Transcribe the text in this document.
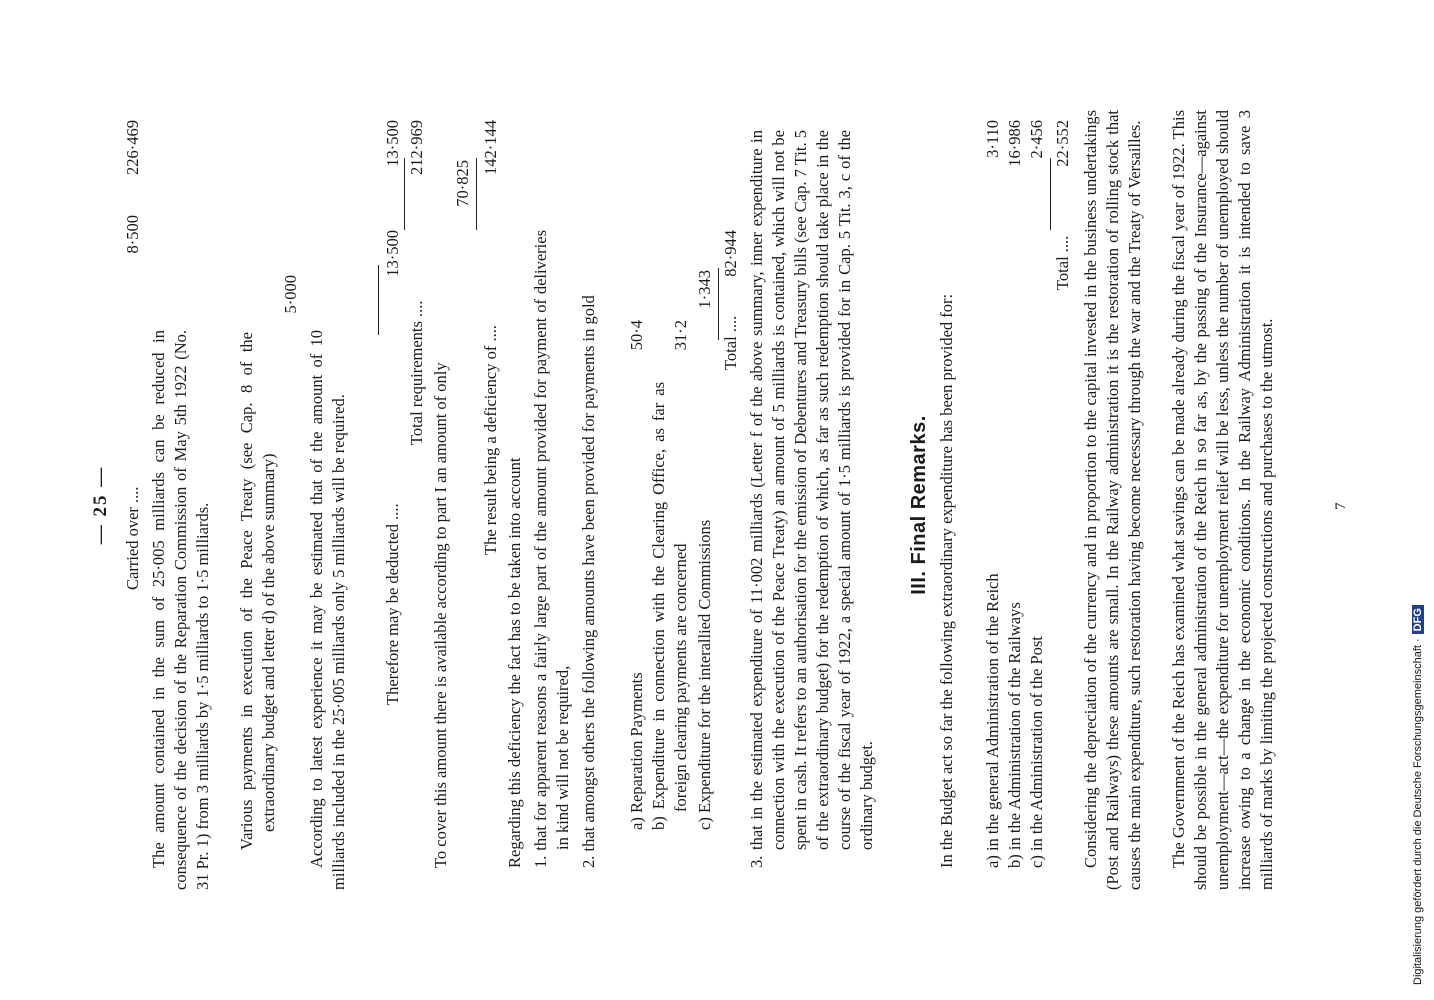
— 25 — Carried over ....
8·500
226·469
The amount contained in the sum of 25·005 milliards can be reduced in consequence of the decision of the Reparation Commission of May 5th 1922 (No. 31 Pr. 1) from 3 milliards by 1·5 milliards to 1·5 milliards. Various payments in execution of the Peace Treaty (see Cap. 8 of the extraordinary budget and letter d) of the above summary)
5·000
According to latest experience it may be estimated that of the amount of 10 milliards included in the 25·005 milliards only 5 milliards will be required. Therefore may be deducted ....
13·500
13·500
Total requirements ....
212·969
To cover this amount there is available according to part I an amount of only
70·825
The result being a deficiency of ....
142·144
Regarding this deficiency the fact has to be taken into account 1. that for apparent reasons a fairly large part of the amount provided for payment of deliveries in kind will not be required, 2. that amongst others the following amounts have been provided for payments in gold a) Reparation Payments
50·4
b) Expenditure in connection with the Clearing Office, as far as foreign clearing payments are concerned
31·2
c) Expenditure for the interallied Commissions
1·343
Total ....
82·944 3. that in the estimated expenditure of 11·002 milliards (Letter f of the above summary, inner expenditure in connection with the execution of the Peace Treaty) an amount of 5 milliards is contained, which will not be spent in cash. It refers to an authorisation for the emission of Debentures and Treasury bills (see Cap. 7 Tit. 5 of the extraordinary budget) for the redemption of which, as far as such redemption should take place in the course of the fiscal year of 1922, a special amount of 1·5 milliards is provided for in Cap. 5 Tit. 3, c of the ordinary budget.
III. Final Remarks. In the Budget act so far the following extraordinary expenditure has been provided for: a) in the general Administration of the Reich
3·110
b) in the Administration of the Railways
16·986
c) in the Administration of the Post
2·456
Total ....
22·552 Considering the depreciation of the currency and in proportion to the capital invested in the business undertakings (Post and Railways) these amounts are small. In the Railway administration it is the restoration of rolling stock that causes the main expenditure, such restoration having become necessary through the war and the Treaty of Versailles. The Government of the Reich has examined what savings can be made already during the fiscal year of 1922. This should be possible in the general administration of the Reich in so far as, by the passing of the Insurance—against unemployment—act—the expenditure for unemployment relief will be less, unless the number of unemployed should increase owing to a change in the economic conditions. In the Railway Administration it is intended to save 3 milliards of marks by limiting the projected constructions and purchases to the utmost.	7
Digitalisierung gefördert durch die Deutsche Forschungsgemeinschaft ·DFG
